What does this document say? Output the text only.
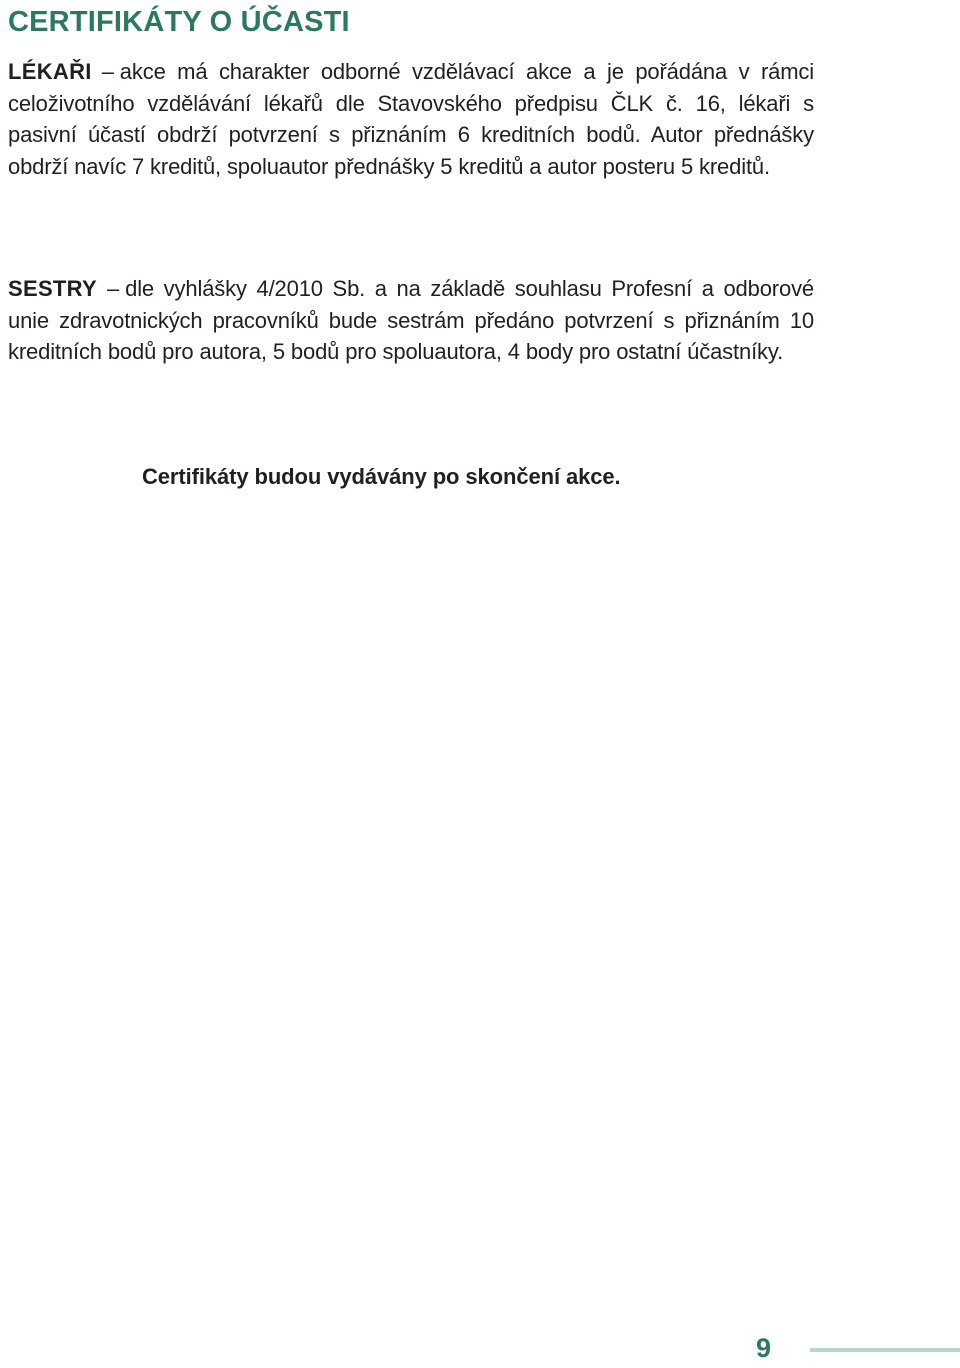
CERTIFIKÁTY O ÚČASTI

LÉKAŘI – akce má charakter odborné vzdělávací akce a je pořádána v rámci celoživotního vzdělávání lékařů dle Stavovského předpisu ČLK č. 16, lékaři s pasivní účastí obdrží potvrzení s přiznáním 6 kreditních bodů. Autor přednášky obdrží navíc 7 kreditů, spoluautor přednášky 5 kreditů a autor posteru 5 kreditů.

SESTRY – dle vyhlášky 4/2010 Sb. a na základě souhlasu Profesní a odborové unie zdravotnických pracovníků bude sestrám předáno potvrzení s přiznáním 10 kreditních bodů pro autora, 5 bodů pro spoluautora, 4 body pro ostatní účastníky.

Certifikáty budou vydávány po skončení akce.

9
